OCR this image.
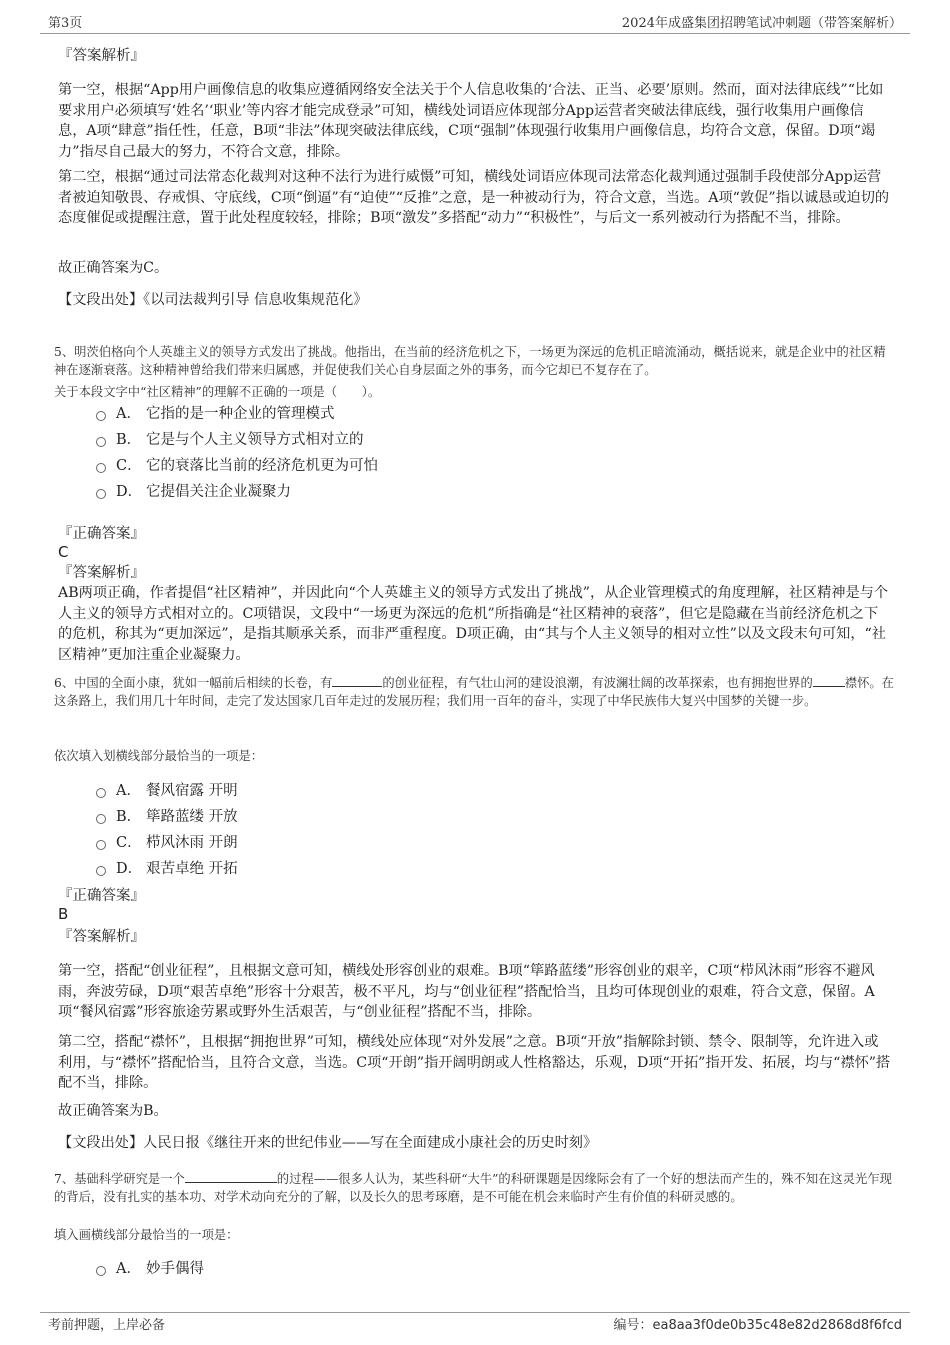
第3页	2024年成盛集团招聘笔试冲刺题（带答案解析）
『答案解析』
第一空，根据“App用户画像信息的收集应遵循网络安全法关于个人信息收集的‘合法、正当、必要’原则。然而，面对法律底线”“比如要求用户必须填写‘姓名’‘职业’等内容才能完成登录”可知，横线处词语应体现部分App运营者突破法律底线，强行收集用户画像信息，A项“肆意”指任性，任意，B项“非法”体现突破法律底线，C项“强制”体现强行收集用户画像信息，均符合文意，保留。D项“竭力”指尽自己最大的努力，不符合文意，排除。
第二空，根据“通过司法常态化裁判对这种不法行为进行威慑”可知，横线处词语应体现司法常态化裁判通过强制手段使部分App运营者被迫知敬畏、存戒惧、守底线，C项“倒逼”有“迫使”“反推”之意，是一种被动行为，符合文意，当选。A项“敦促”指以诚恳或迫切的态度催促或提醒注意，置于此处程度较轻，排除；B项“激发”多搭配“动力”“积极性”，与后文一系列被动行为搭配不当，排除。
故正确答案为C。
【文段出处】《以司法裁判引导 信息收集规范化》
5、明茨伯格向个人英雄主义的领导方式发出了挑战。他指出，在当前的经济危机之下，一场更为深远的危机正暗流涌动，概括说来，就是企业中的社区精神在逐渐衰落。这种精神曾给我们带来归属感，并促使我们关心自身层面之外的事务，而今它却已不复存在了。
关于本段文字中“社区精神”的理解不正确的一项是（　　）。
A． 它指的是一种企业的管理模式
B． 它是与个人主义领导方式相对立的
C． 它的衰落比当前的经济危机更为可怕
D． 它提倡关注企业凝聚力
『正确答案』
C
『答案解析』
AB两项正确，作者提倡“社区精神”，并因此向“个人英雄主义的领导方式发出了挑战”，从企业管理模式的角度理解，社区精神是与个人主义的领导方式相对立的。C项错误，文段中“一场更为深远的危机”所指确是“社区精神的衰落”，但它是隐藏在当前经济危机之下的危机，称其为“更加深远”，是指其顺承关系，而非严重程度。D项正确，由“其与个人主义领导的相对立性”以及文段末句可知，“社区精神”更加注重企业凝聚力。
6、中国的全面小康，犹如一幅前后相续的长卷，有	的创业征程，有气壮山河的建设浪潮，有波澜壮阔的改革探索，也有拥抱世界的	襟怀。在这条路上，我们用几十年时间，走完了发达国家几百年走过的发展历程；我们用一百年的奋斗，实现了中华民族伟大复兴中国梦的关键一步。
依次填入划横线部分最恰当的一项是：
A． 餐风宿露 开明
B． 筚路蓝缕 开放
C． 栉风沐雨 开朗
D． 艰苦卓绝 开拓
『正确答案』
B
『答案解析』
第一空，搭配“创业征程”，且根据文意可知，横线处形容创业的艰难。B项“筚路蓝缕”形容创业的艰辛，C项“栉风沐雨”形容不避风雨，奔波劳碌，D项“艰苦卓绝”形容十分艰苦，极不平凡，均与“创业征程”搭配恰当，且均可体现创业的艰难，符合文意，保留。A项“餐风宿露”形容旅途劳累或野外生活艰苦，与“创业征程”搭配不当，排除。
第二空，搭配“襟怀”，且根据“拥抱世界”可知，横线处应体现“对外发展”之意。B项“开放”指解除封锁、禁令、限制等，允许进入或利用，与“襟怀”搭配恰当，且符合文意，当选。C项“开朗”指开阔明朗或人性格豁达，乐观，D项“开拓”指开发、拓展，均与“襟怀”搭配不当，排除。
故正确答案为B。
【文段出处】人民日报《继往开来的世纪伟业——写在全面建成小康社会的历史时刻》
7、基础科学研究是一个	的过程——很多人认为，某些科研“大牛”的科研课题是因缘际会有了一个好的想法而产生的，殊不知在这灵光乍现的背后，没有扎实的基本功、对学术动向充分的了解，以及长久的思考琢磨，是不可能在机会来临时产生有价值的科研灵感的。
填入画横线部分最恰当的一项是：
A． 妙手偶得
考前押题，上岸必备	编号：ea8aa3f0de0b35c48e82d2868d8f6fcd
